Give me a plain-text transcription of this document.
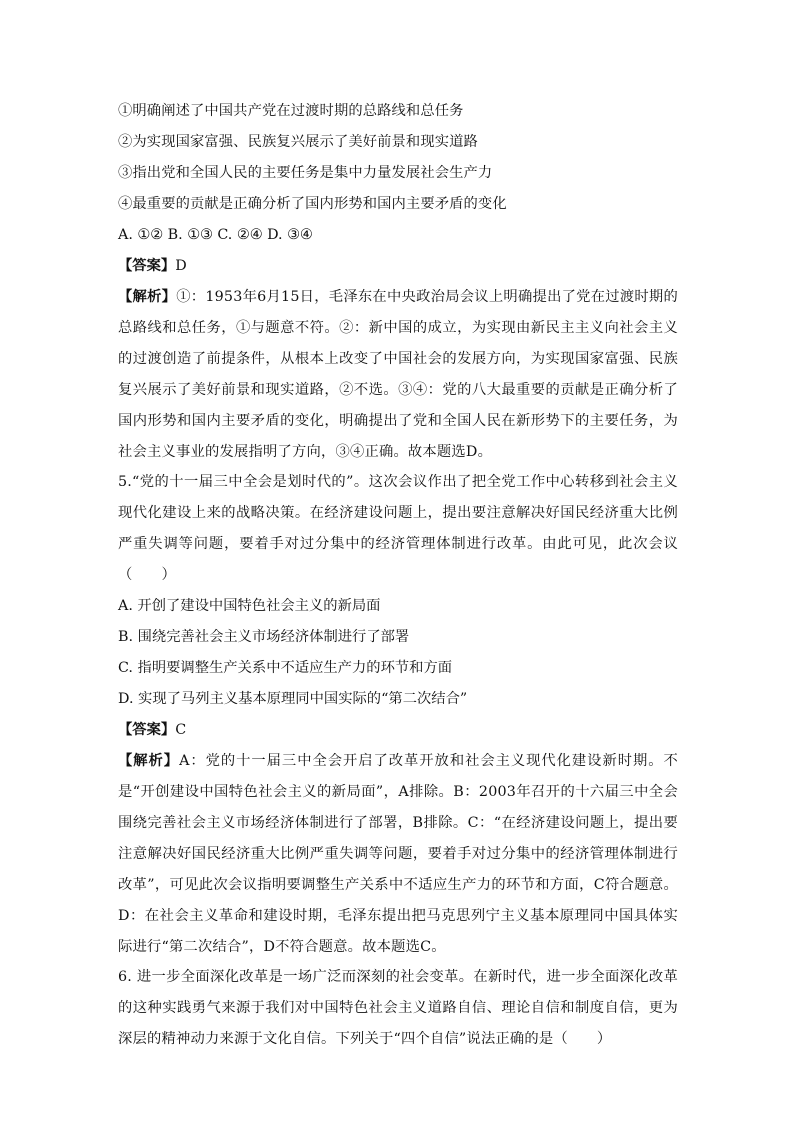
①明确阐述了中国共产党在过渡时期的总路线和总任务
②为实现国家富强、民族复兴展示了美好前景和现实道路
③指出党和全国人民的主要任务是集中力量发展社会生产力
④最重要的贡献是正确分析了国内形势和国内主要矛盾的变化
A. ①② B. ①③ C. ②④ D. ③④
【答案】D
【解析】①：1953年6月15日，毛泽东在中央政治局会议上明确提出了党在过渡时期的总路线和总任务，①与题意不符。②：新中国的成立，为实现由新民主主义向社会主义的过渡创造了前提条件，从根本上改变了中国社会的发展方向，为实现国家富强、民族复兴展示了美好前景和现实道路，②不选。③④：党的八大最重要的贡献是正确分析了国内形势和国内主要矛盾的变化，明确提出了党和全国人民在新形势下的主要任务，为社会主义事业的发展指明了方向，③④正确。故本题选D。
5.“党的十一届三中全会是划时代的”。这次会议作出了把全党工作中心转移到社会主义现代化建设上来的战略决策。在经济建设问题上，提出要注意解决好国民经济重大比例严重失调等问题，要着手对过分集中的经济管理体制进行改革。由此可见，此次会议（　　）
A. 开创了建设中国特色社会主义的新局面
B. 围绕完善社会主义市场经济体制进行了部署
C. 指明要调整生产关系中不适应生产力的环节和方面
D. 实现了马列主义基本原理同中国实际的“第二次结合”
【答案】C
【解析】A：党的十一届三中全会开启了改革开放和社会主义现代化建设新时期。不是“开创建设中国特色社会主义的新局面”，A排除。B：2003年召开的十六届三中全会围绕完善社会主义市场经济体制进行了部署，B排除。C：“在经济建设问题上，提出要注意解决好国民经济重大比例严重失调等问题，要着手对过分集中的经济管理体制进行改革”，可见此次会议指明要调整生产关系中不适应生产力的环节和方面，C符合题意。D：在社会主义革命和建设时期，毛泽东提出把马克思列宁主义基本原理同中国具体实际进行“第二次结合”，D不符合题意。故本题选C。
6. 进一步全面深化改革是一场广泛而深刻的社会变革。在新时代，进一步全面深化改革的这种实践勇气来源于我们对中国特色社会主义道路自信、理论自信和制度自信，更为深层的精神动力来源于文化自信。下列关于“四个自信”说法正确的是（　　）
